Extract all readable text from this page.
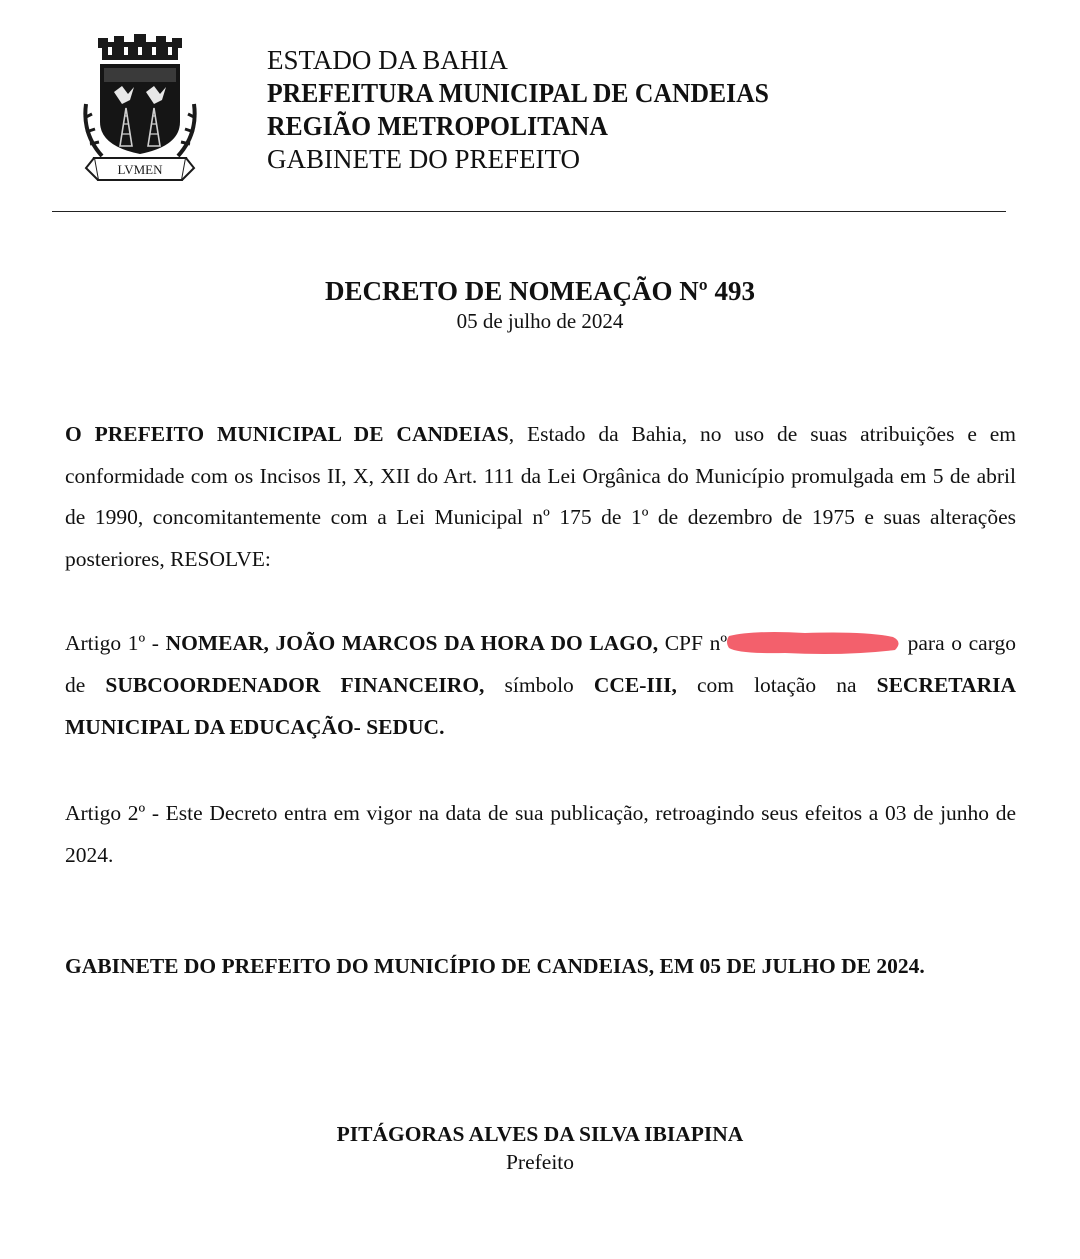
LVMEN
ESTADO DA BAHIA
PREFEITURA MUNICIPAL DE CANDEIAS
REGIÃO METROPOLITANA
GABINETE DO PREFEITO
DECRETO DE NOMEAÇÃO Nº 493
05 de julho de 2024
O PREFEITO MUNICIPAL DE CANDEIAS, Estado da Bahia, no uso de suas atribuições e em conformidade com os Incisos II, X, XII do Art. 111 da Lei Orgânica do Município promulgada em 5 de abril de 1990, concomitantemente com a Lei Municipal nº 175 de 1º de dezembro de 1975 e suas alterações posteriores, RESOLVE:
Artigo 1º - NOMEAR, JOÃO MARCOS DA HORA DO LAGO, CPF nº	para o cargo de SUBCOORDENADOR FINANCEIRO, símbolo CCE-III, com lotação na SECRETARIA MUNICIPAL DA EDUCAÇÃO- SEDUC.
Artigo 2º - Este Decreto entra em vigor na data de sua publicação, retroagindo seus efeitos a 03 de junho de 2024.
GABINETE DO PREFEITO DO MUNICÍPIO DE CANDEIAS, EM 05 DE JULHO DE 2024.
PITÁGORAS ALVES DA SILVA IBIAPINA
Prefeito
